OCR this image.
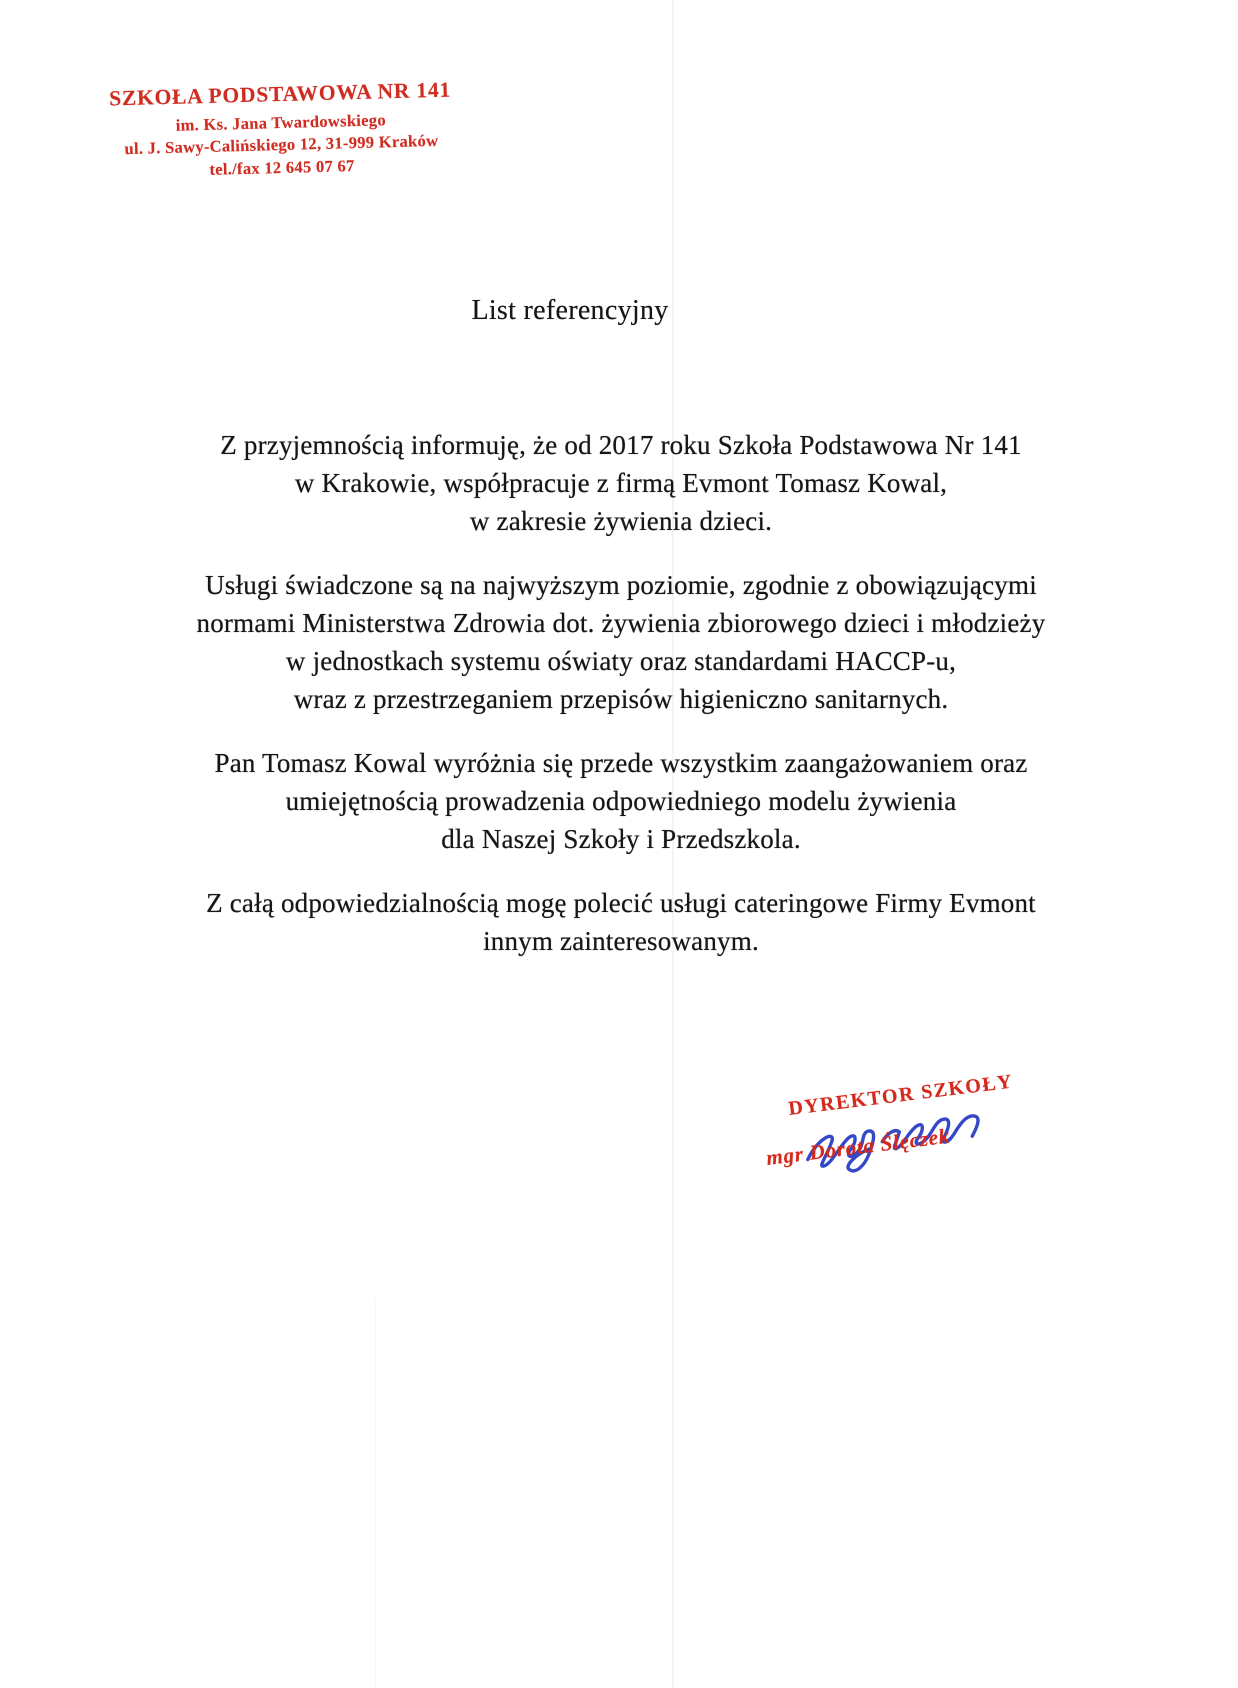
SZKOŁA PODSTAWOWA NR 141
im. Ks. Jana Twardowskiego
ul. J. Sawy-Calińskiego 12, 31-999 Kraków
tel./fax 12 645 07 67
List referencyjny
Z przyjemnością informuję, że od 2017 roku Szkoła Podstawowa Nr 141
w Krakowie, współpracuje z firmą Evmont Tomasz Kowal,
w zakresie żywienia dzieci.
Usługi świadczone są na najwyższym poziomie, zgodnie z obowiązującymi
normami Ministerstwa Zdrowia dot. żywienia zbiorowego dzieci i młodzieży
w jednostkach systemu oświaty oraz standardami HACCP-u,
wraz z przestrzeganiem przepisów higieniczno sanitarnych.
Pan Tomasz Kowal wyróżnia się przede wszystkim zaangażowaniem oraz
umiejętnością prowadzenia odpowiedniego modelu żywienia
dla Naszej Szkoły i Przedszkola.
Z całą odpowiedzialnością mogę polecić usługi cateringowe Firmy Evmont
innym zainteresowanym.
DYREKTOR SZKOŁY
mgr Dorota Ślęczek
